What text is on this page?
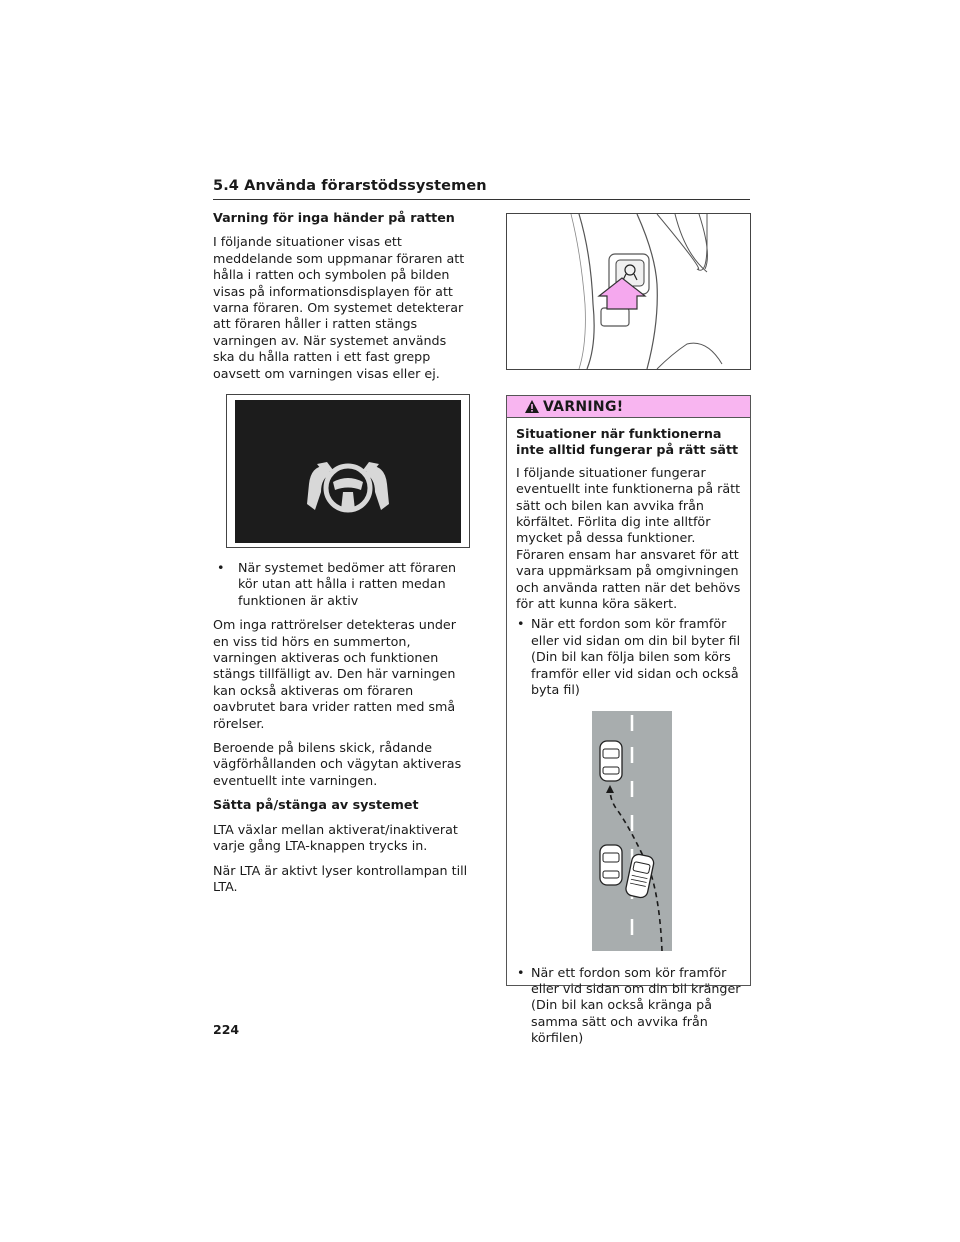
5.4 Använda förarstödssystemen
Varning för inga händer på ratten

I följande situationer visas ett meddelande som uppmanar föraren att hålla i ratten och symbolen på bilden visas på informationsdisplayen för att varna föraren. Om systemet detekterar att föraren håller i ratten stängs varningen av. När systemet används ska du hålla ratten i ett fast grepp oavsett om varningen visas eller ej.

• När systemet bedömer att föraren kör utan att hålla i ratten medan funktionen är aktiv

Om inga rattrörelser detekteras under en viss tid hörs en summerton, varningen aktiveras och funktionen stängs tillfälligt av. Den här varningen kan också aktiveras om föraren oavbrutet bara vrider ratten med små rörelser.

Beroende på bilens skick, rådande vägförhållanden och vägytan aktiveras eventuellt inte varningen.

Sätta på/stänga av systemet

LTA växlar mellan aktiverat/inaktiverat varje gång LTA-knappen trycks in.

När LTA är aktivt lyser kontrollampan till LTA.

VARNING!
Situationer när funktionerna inte alltid fungerar på rätt sätt

I följande situationer fungerar eventuellt inte funktionerna på rätt sätt och bilen kan avvika från körfältet. Förlita dig inte alltför mycket på dessa funktioner. Föraren ensam har ansvaret för att vara uppmärksam på omgivningen och använda ratten när det behövs för att kunna köra säkert.

• När ett fordon som kör framför eller vid sidan om din bil byter fil (Din bil kan följa bilen som körs framför eller vid sidan och också byta fil)
• När ett fordon som kör framför eller vid sidan om din bil kränger (Din bil kan också kränga på samma sätt och avvika från körfilen)
224
